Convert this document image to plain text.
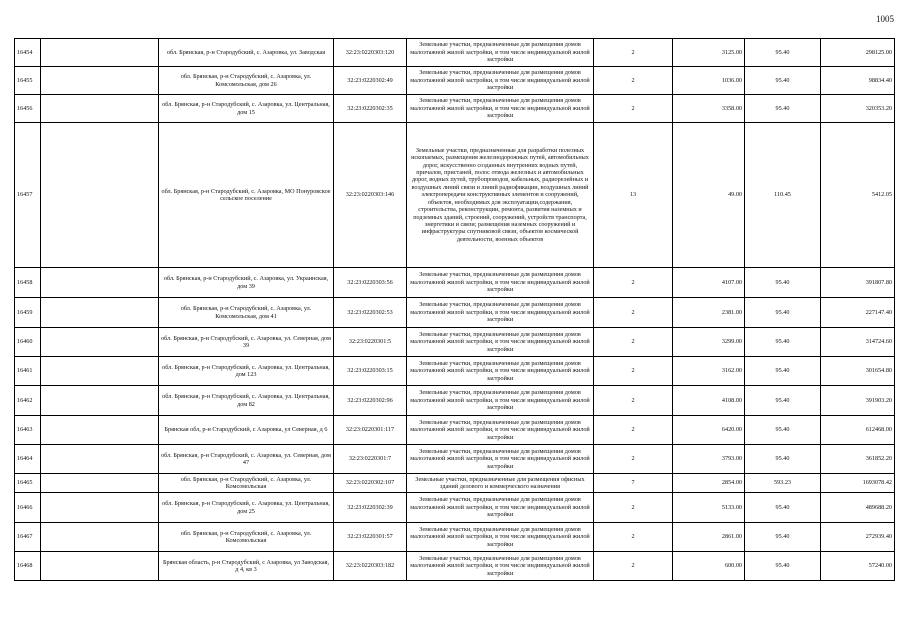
1005
16454		обл. Брянская, р-н Стародубский, с. Азаровка, ул. Заводская	32:23:0220303:120	Земельные участки, предназначенные для размещения домов малоэтажной жилой застройки, в том числе индивидуальной жилой застройки	2	3125.00	95.40	298125.00
16455		обл. Брянская, р-н Стародубский, с. Азаровка, ул. Комсомольская, дом 26	32:23:0220302:49	Земельные участки, предназначенные для размещения домов малоэтажной жилой застройки, в том числе индивидуальной жилой застройки	2	1036.00	95.40	98834.40
16456		обл. Брянская, р-н Стародубский, с. Азаровка, ул. Центральная, дом 15	32:23:0220302:35	Земельные участки, предназначенные для размещения домов малоэтажной жилой застройки, в том числе индивидуальной жилой застройки	2	3358.00	95.40	320353.20
16457		обл. Брянская, р-н Стародубский, с. Азаровка, МО Понуровское сельское поселение	32:23:0220303:146	Земельные участки, предназначенные для разработки полезных ископаемых, размещения железнодорожных путей, автомобильных дорог, искусственно созданных внутренних водных путей, причалов, пристаней, полос отвода железных и автомобильных дорог, водных путей, трубопроводов, кабельных, радиорелейных и воздушных линий связи и линий радиофикации, воздушных линий электропередачи конструктивных элементов и сооружений, объектов, необходимых для эксплуатации,содержания, строительства, реконструкции, ремонта, развития наземных и подземных зданий, строений, сооружений, устройств транспорта, энергетики и связи; размещения наземных сооружений и инфраструктуры спутниковой связи, объектов космической деятельности, военных объектов	13	49.00	110.45	5412.05
16458		обл. Брянская, р-н Стародубский, с. Азаровка, ул. Украинская, дом 39	32:23:0220303:56	Земельные участки, предназначенные для размещения домов малоэтажной жилой застройки, в том числе индивидуальной жилой застройки	2	4107.00	95.40	391807.80
16459		обл. Брянская, р-н Стародубский, с. Азаровка, ул. Комсомольская, дом 41	32:23:0220302:53	Земельные участки, предназначенные для размещения домов малоэтажной жилой застройки, в том числе индивидуальной жилой застройки	2	2381.00	95.40	227147.40
16460		обл. Брянская, р-н Стародубский, с. Азаровка, ул. Северная, дом 39	32:23:0220301:5	Земельные участки, предназначенные для размещения домов малоэтажной жилой застройки, в том числе индивидуальной жилой застройки	2	3299.00	95.40	314724.60
16461		обл. Брянская, р-н Стародубский, с. Азаровка, ул. Центральная, дом 123	32:23:0220303:15	Земельные участки, предназначенные для размещения домов малоэтажной жилой застройки, в том числе индивидуальной жилой застройки	2	3162.00	95.40	301654.80
16462		обл. Брянская, р-н Стародубский, с. Азаровка, ул. Центральная, дом 82	32:23:0220302:96	Земельные участки, предназначенные для размещения домов малоэтажной жилой застройки, в том числе индивидуальной жилой застройки	2	4108.00	95.40	391903.20
16463		Брянская обл, р-н Стародубский, с Азаровка, ул Северная, д 6	32:23:0220301:117	Земельные участки, предназначенные для размещения домов малоэтажной жилой застройки, в том числе индивидуальной жилой застройки	2	6420.00	95.40	612468.00
16464		обл. Брянская, р-н Стародубский, с. Азаровка, ул. Северная, дом 47	32:23:0220301:7	Земельные участки, предназначенные для размещения домов малоэтажной жилой застройки, в том числе индивидуальной жилой застройки	2	3793.00	95.40	361852.20
16465		обл. Брянская, р-н Стародубский, с. Азаровка, ул. Комсомольская	32:23:0220302:107	Земельные участки, предназначенные для размещения офисных зданий делового и коммерческого назначения	7	2854.00	593.23	1693078.42
16466		обл. Брянская, р-н Стародубский, с. Азаровка, ул. Центральная, дом 25	32:23:0220302:39	Земельные участки, предназначенные для размещения домов малоэтажной жилой застройки, в том числе индивидуальной жилой застройки	2	5133.00	95.40	489688.20
16467		обл. Брянская, р-н Стародубский, с. Азаровка, ул. Комсомольская	32:23:0220301:57	Земельные участки, предназначенные для размещения домов малоэтажной жилой застройки, в том числе индивидуальной жилой застройки	2	2861.00	95.40	272939.40
16468		Брянская область, р-н Стародубский, с Азаровка, ул Заводская, д 4, кв 3	32:23:0220303:182	Земельные участки, предназначенные для размещения домов малоэтажной жилой застройки, в том числе индивидуальной жилой застройки	2	600.00	95.40	57240.00
